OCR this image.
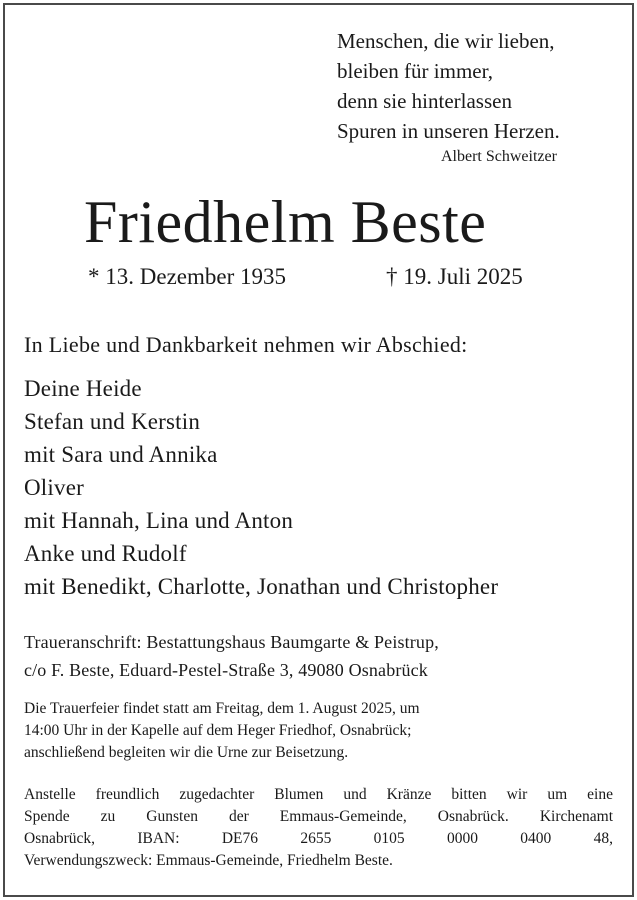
Menschen, die wir lieben,
bleiben für immer,
denn sie hinterlassen
Spuren in unseren Herzen.
Albert Schweitzer
Friedhelm Beste
* 13. Dezember 1935	† 19. Juli 2025
In Liebe und Dankbarkeit nehmen wir Abschied:
Deine Heide
Stefan und Kerstin
mit Sara und Annika
Oliver
mit Hannah, Lina und Anton
Anke und Rudolf
mit Benedikt, Charlotte, Jonathan und Christopher
Traueranschrift: Bestattungshaus Baumgarte & Peistrup,
c/o F. Beste, Eduard-Pestel-Straße 3, 49080 Osnabrück
Die Trauerfeier findet statt am Freitag, dem 1. August 2025, um
14:00 Uhr in der Kapelle auf dem Heger Friedhof, Osnabrück;
anschließend begleiten wir die Urne zur Beisetzung.
Anstelle freundlich zugedachter Blumen und Kränze bitten wir um eine
Spende zu Gunsten der Emmaus-Gemeinde, Osnabrück. Kirchenamt
Osnabrück, IBAN: DE76 2655 0105 0000 0400 48,
Verwendungszweck: Emmaus-Gemeinde, Friedhelm Beste.
